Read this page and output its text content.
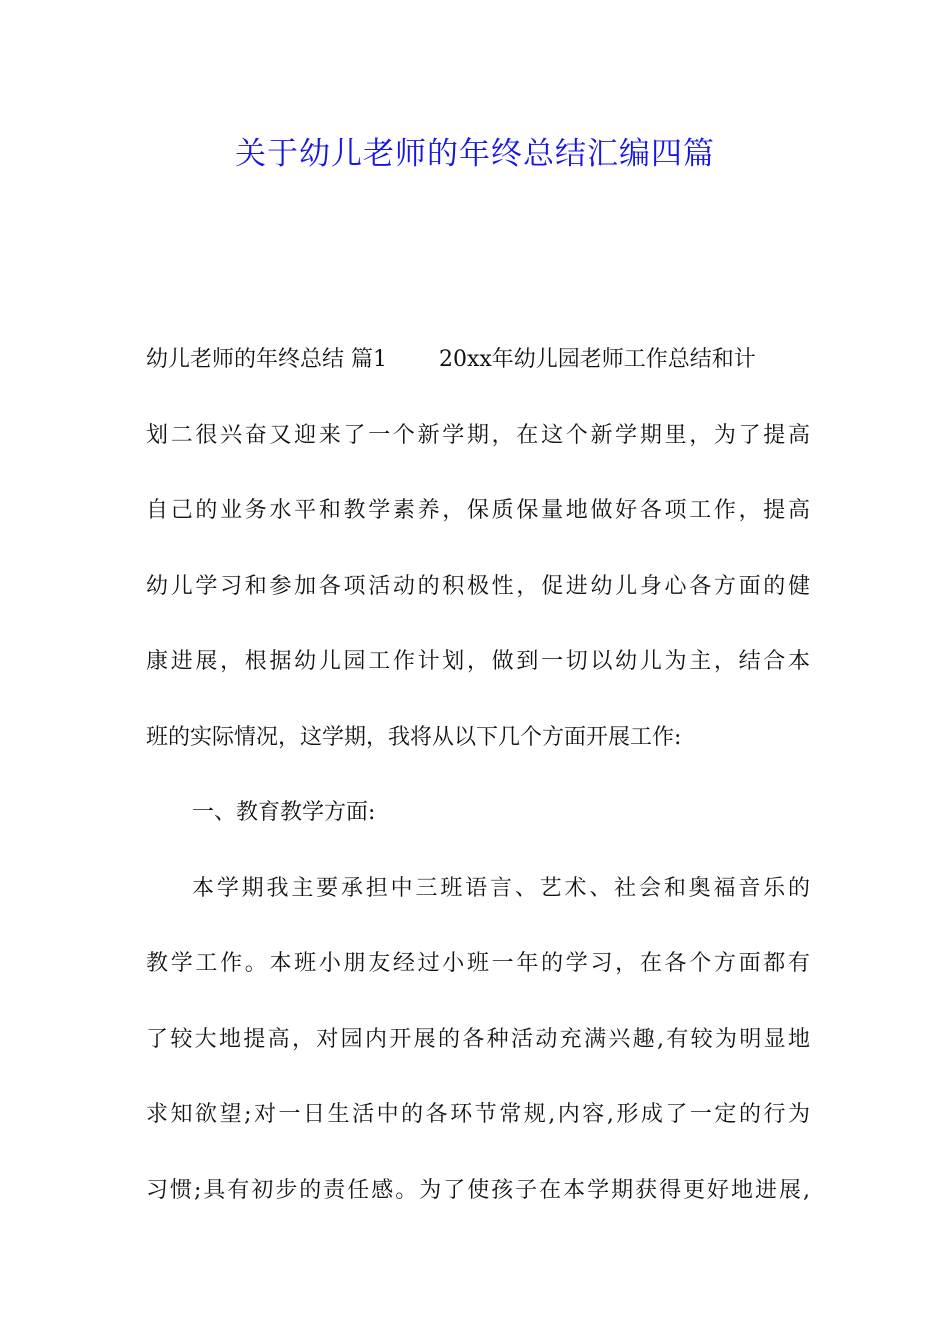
关于幼儿老师的年终总结汇编四篇
幼儿老师的年终总结 篇1 20xx年幼儿园老师工作总结和计
划二很兴奋又迎来了一个新学期，在这个新学期里，为了提高
自己的业务水平和教学素养，保质保量地做好各项工作，提高
幼儿学习和参加各项活动的积极性，促进幼儿身心各方面的健
康进展，根据幼儿园工作计划，做到一切以幼儿为主，结合本
班的实际情况，这学期，我将从以下几个方面开展工作:
一、教育教学方面:
本学期我主要承担中三班语言、艺术、社会和奥福音乐的
教学工作。本班小朋友经过小班一年的学习，在各个方面都有
了较大地提高，对园内开展的各种活动充满兴趣,有较为明显地
求知欲望;对一日生活中的各环节常规,内容,形成了一定的行为
习惯;具有初步的责任感。为了使孩子在本学期获得更好地进展,
